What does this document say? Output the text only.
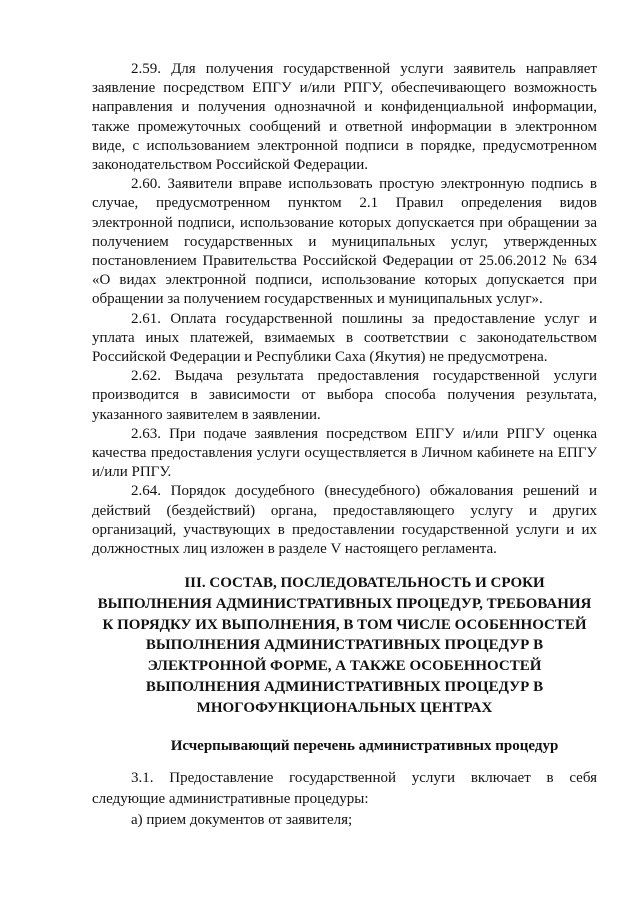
2.59. Для получения государственной услуги заявитель направляет заявление посредством ЕПГУ и/или РПГУ, обеспечивающего возможность направления и получения однозначной и конфиденциальной информации, также промежуточных сообщений и ответной информации в электронном виде, с использованием электронной подписи в порядке, предусмотренном законодательством Российской Федерации.

2.60. Заявители вправе использовать простую электронную подпись в случае, предусмотренном пунктом 2.1 Правил определения видов электронной подписи, использование которых допускается при обращении за получением государственных и муниципальных услуг, утвержденных постановлением Правительства Российской Федерации от 25.06.2012 № 634 «О видах электронной подписи, использование которых допускается при обращении за получением государственных и муниципальных услуг».

2.61. Оплата государственной пошлины за предоставление услуг и уплата иных платежей, взимаемых в соответствии с законодательством Российской Федерации и Республики Саха (Якутия) не предусмотрена.

2.62. Выдача результата предоставления государственной услуги производится в зависимости от выбора способа получения результата, указанного заявителем в заявлении.

2.63. При подаче заявления посредством ЕПГУ и/или РПГУ оценка качества предоставления услуги осуществляется в Личном кабинете на ЕПГУ и/или РПГУ.

2.64. Порядок досудебного (внесудебного) обжалования решений и действий (бездействий) органа, предоставляющего услугу и других организаций, участвующих в предоставлении государственной услуги и их должностных лиц изложен в разделе V настоящего регламента.

III. СОСТАВ, ПОСЛЕДОВАТЕЛЬНОСТЬ И СРОКИ
ВЫПОЛНЕНИЯ АДМИНИСТРАТИВНЫХ ПРОЦЕДУР, ТРЕБОВАНИЯ
К ПОРЯДКУ ИХ ВЫПОЛНЕНИЯ, В ТОМ ЧИСЛЕ ОСОБЕННОСТЕЙ
ВЫПОЛНЕНИЯ АДМИНИСТРАТИВНЫХ ПРОЦЕДУР В
ЭЛЕКТРОННОЙ ФОРМЕ, А ТАКЖЕ ОСОБЕННОСТЕЙ
ВЫПОЛНЕНИЯ АДМИНИСТРАТИВНЫХ ПРОЦЕДУР В
МНОГОФУНКЦИОНАЛЬНЫХ ЦЕНТРАХ
Исчерпывающий перечень административных процедур

3.1. Предоставление государственной услуги включает в себя следующие административные процедуры:

а) прием документов от заявителя;
